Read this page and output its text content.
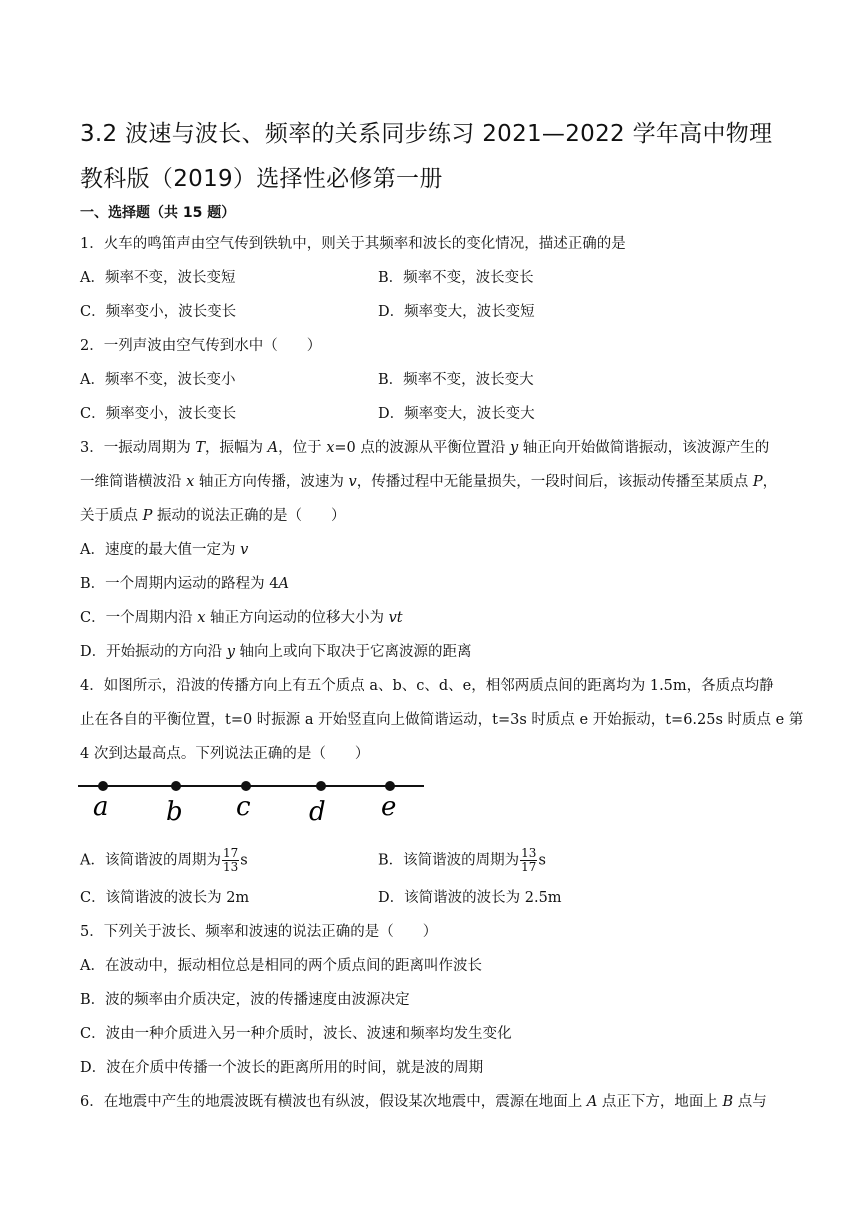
3.2 波速与波长、频率的关系同步练习 2021—2022 学年高中物理教科版（2019）选择性必修第一册
一、选择题（共 15 题）
1．火车的鸣笛声由空气传到铁轨中，则关于其频率和波长的变化情况，描述正确的是
A．频率不变，波长变短	B．频率不变，波长变长
C．频率变小，波长变长	D．频率变大，波长变短
2．一列声波由空气传到水中（　　）
A．频率不变，波长变小	B．频率不变，波长变大
C．频率变小，波长变长	D．频率变大，波长变大
3．一振动周期为 T，振幅为 A，位于 x=0 点的波源从平衡位置沿 y 轴正向开始做简谐振动，该波源产生的
一维简谐横波沿 x 轴正方向传播，波速为 v，传播过程中无能量损失，一段时间后，该振动传播至某质点 P，
关于质点 P 振动的说法正确的是（　　）
A．速度的最大值一定为 v
B．一个周期内运动的路程为 4A
C．一个周期内沿 x 轴正方向运动的位移大小为 vt
D．开始振动的方向沿 y 轴向上或向下取决于它离波源的距离
4．如图所示，沿波的传播方向上有五个质点 a、b、c、d、e，相邻两质点间的距离均为 1.5m，各质点均静
止在各自的平衡位置，t=0 时振源 a 开始竖直向上做简谐运动，t=3s 时质点 e 开始振动，t=6.25s 时质点 e 第
4 次到达最高点。下列说法正确的是（　　）
a b c d e
A．该简谐波的周期为 $\frac{17}{13}$ s	B．该简谐波的周期为 $\frac{13}{17}$ s
C．该简谐波的波长为 2m	D．该简谐波的波长为 2.5m
5．下列关于波长、频率和波速的说法正确的是（　　）
A．在波动中，振动相位总是相同的两个质点间的距离叫作波长
B．波的频率由介质决定，波的传播速度由波源决定
C．波由一种介质进入另一种介质时，波长、波速和频率均发生变化
D．波在介质中传播一个波长的距离所用的时间，就是波的周期
6．在地震中产生的地震波既有横波也有纵波，假设某次地震中，震源在地面上 A 点正下方，地面上 B 点与
